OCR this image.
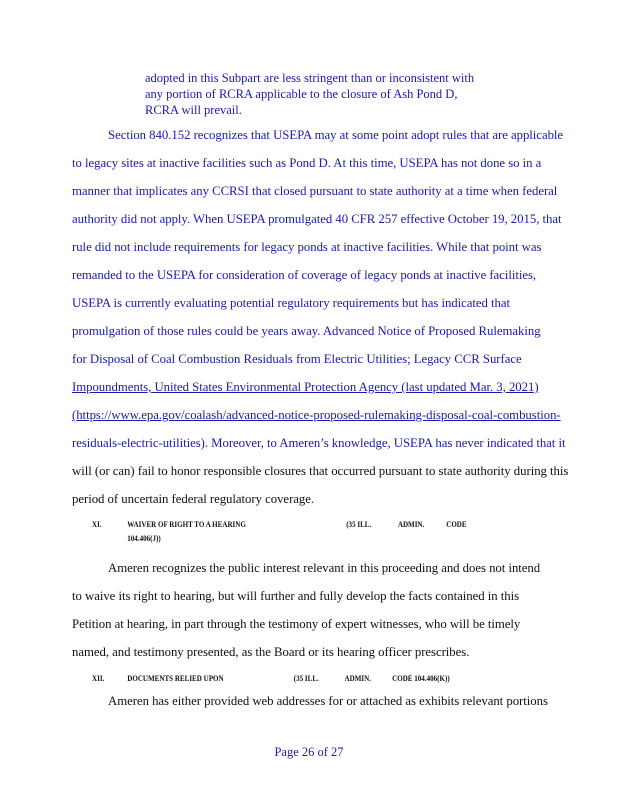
adopted in this Subpart are less stringent than or inconsistent with
any portion of RCRA applicable to the closure of Ash Pond D,
RCRA will prevail.
Section 840.152 recognizes that USEPA may at some point adopt rules that are applicable
to legacy sites at inactive facilities such as Pond D. At this time, USEPA has not done so in a
manner that implicates any CCRSI that closed pursuant to state authority at a time when federal
authority did not apply. When USEPA promulgated 40 CFR 257 effective October 19, 2015, that
rule did not include requirements for legacy ponds at inactive facilities. While that point was
remanded to the USEPA for consideration of coverage of legacy ponds at inactive facilities,
USEPA is currently evaluating potential regulatory requirements but has indicated that
promulgation of those rules could be years away. Advanced Notice of Proposed Rulemaking
for Disposal of Coal Combustion Residuals from Electric Utilities; Legacy CCR Surface
Impoundments, United States Environmental Protection Agency (last updated Mar. 3, 2021)
(https://www.epa.gov/coalash/advanced-notice-proposed-rulemaking-disposal-coal-combustion-
residuals-electric-utilities). Moreover, to Ameren’s knowledge, USEPA has never indicated that it
will (or can) fail to honor responsible closures that occurred pursuant to state authority during this
period of uncertain federal regulatory coverage.
XI.	WAIVER OF RIGHT TO A HEARING	(35 ILL.	ADMIN.	CODE
104.406(J))
Ameren recognizes the public interest relevant in this proceeding and does not intend
to waive its right to hearing, but will further and fully develop the facts contained in this
Petition at hearing, in part through the testimony of expert witnesses, who will be timely
named, and testimony presented, as the Board or its hearing officer prescribes.
XII.	DOCUMENTS RELIED UPON	(35 ILL.	ADMIN. CODE 104.406(K))
Ameren has either provided web addresses for or attached as exhibits relevant portions
Page 26 of 27
